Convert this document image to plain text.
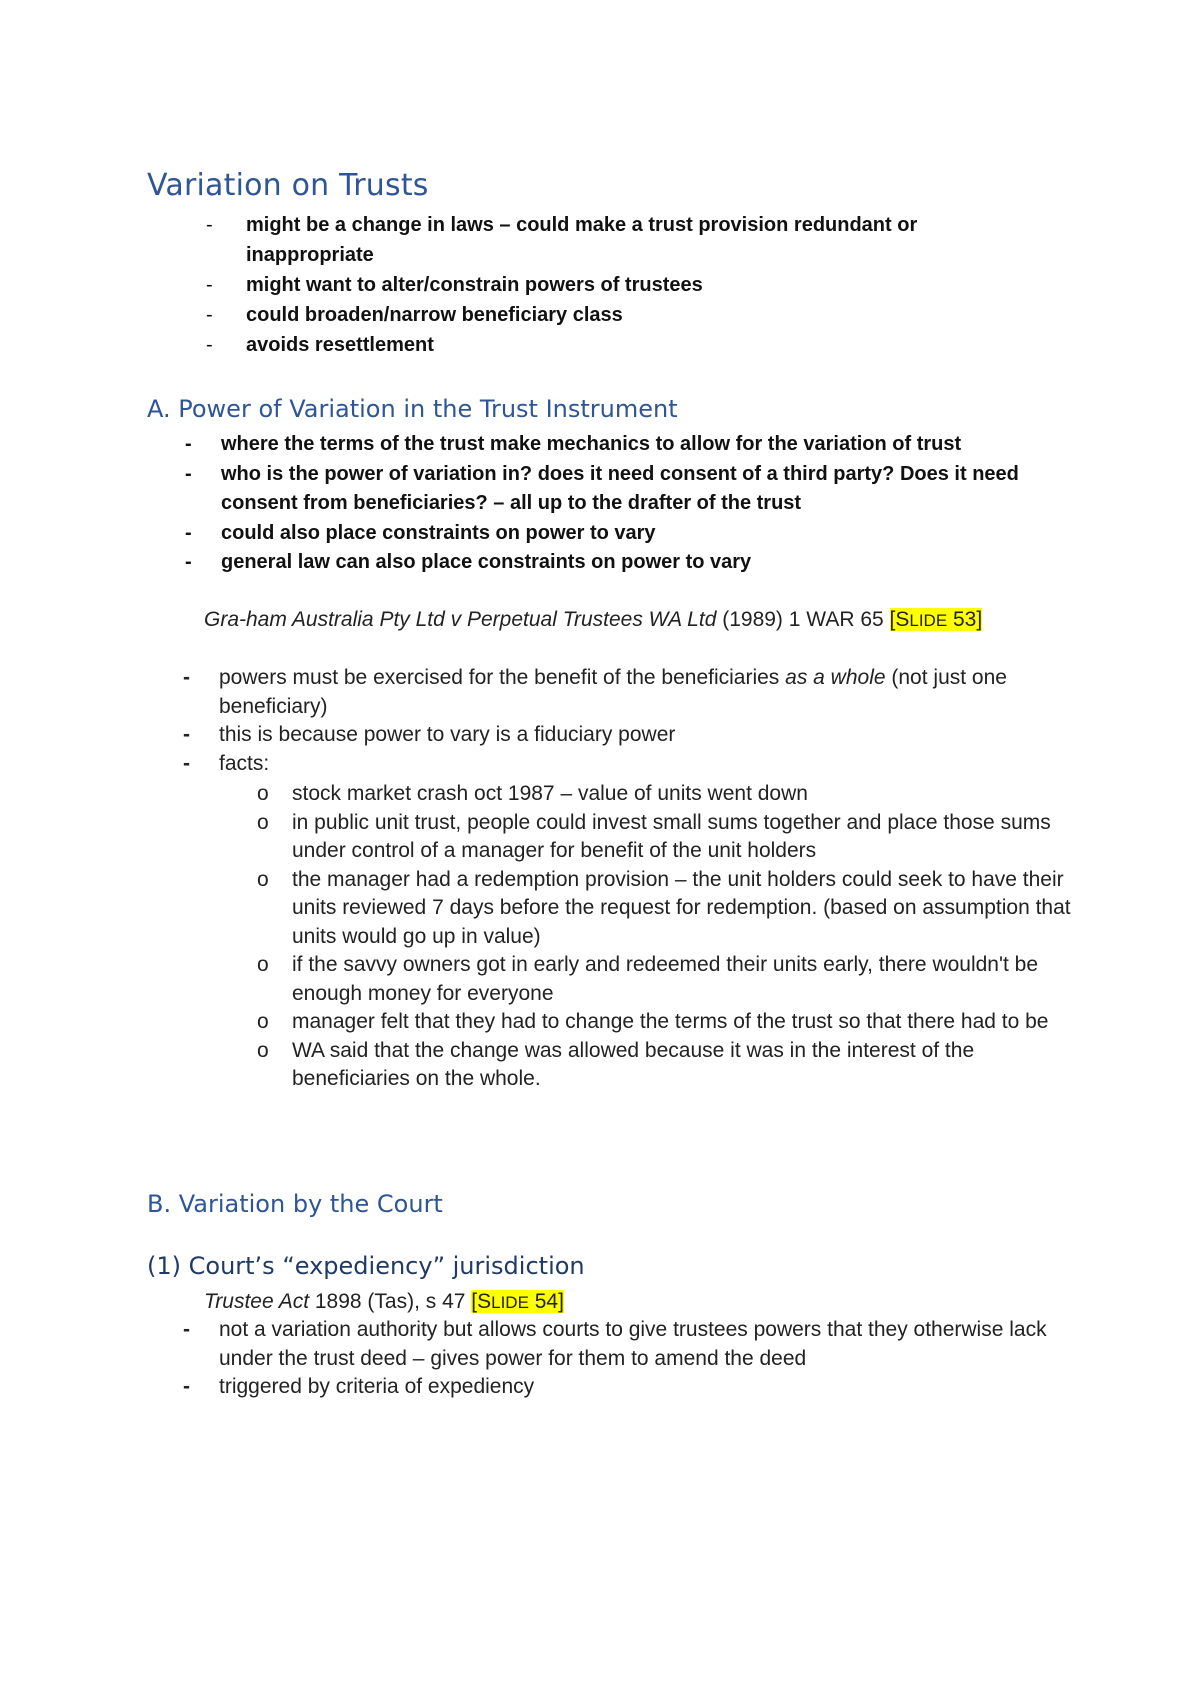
Variation on Trusts
- might be a change in laws – could make a trust provision redundant or inappropriate
- might want to alter/constrain powers of trustees
- could broaden/narrow beneficiary class
- avoids resettlement
A. Power of Variation in the Trust Instrument
- where the terms of the trust make mechanics to allow for the variation of trust
- who is the power of variation in? does it need consent of a third party? Does it need consent from beneficiaries? – all up to the drafter of the trust
- could also place constraints on power to vary
- general law can also place constraints on power to vary
Gra-ham Australia Pty Ltd v Perpetual Trustees WA Ltd (1989) 1 WAR 65 [SLIDE 53]
- powers must be exercised for the benefit of the beneficiaries as a whole (not just one beneficiary)
- this is because power to vary is a fiduciary power
- facts:
o stock market crash oct 1987 – value of units went down
o in public unit trust, people could invest small sums together and place those sums under control of a manager for benefit of the unit holders
o the manager had a redemption provision – the unit holders could seek to have their units reviewed 7 days before the request for redemption. (based on assumption that units would go up in value)
o if the savvy owners got in early and redeemed their units early, there wouldn't be enough money for everyone
o manager felt that they had to change the terms of the trust so that there had to be
o WA said that the change was allowed because it was in the interest of the beneficiaries on the whole.
B. Variation by the Court
(1) Court’s “expediency” jurisdiction
Trustee Act 1898 (Tas), s 47 [SLIDE 54]
- not a variation authority but allows courts to give trustees powers that they otherwise lack under the trust deed – gives power for them to amend the deed
- triggered by criteria of expediency
